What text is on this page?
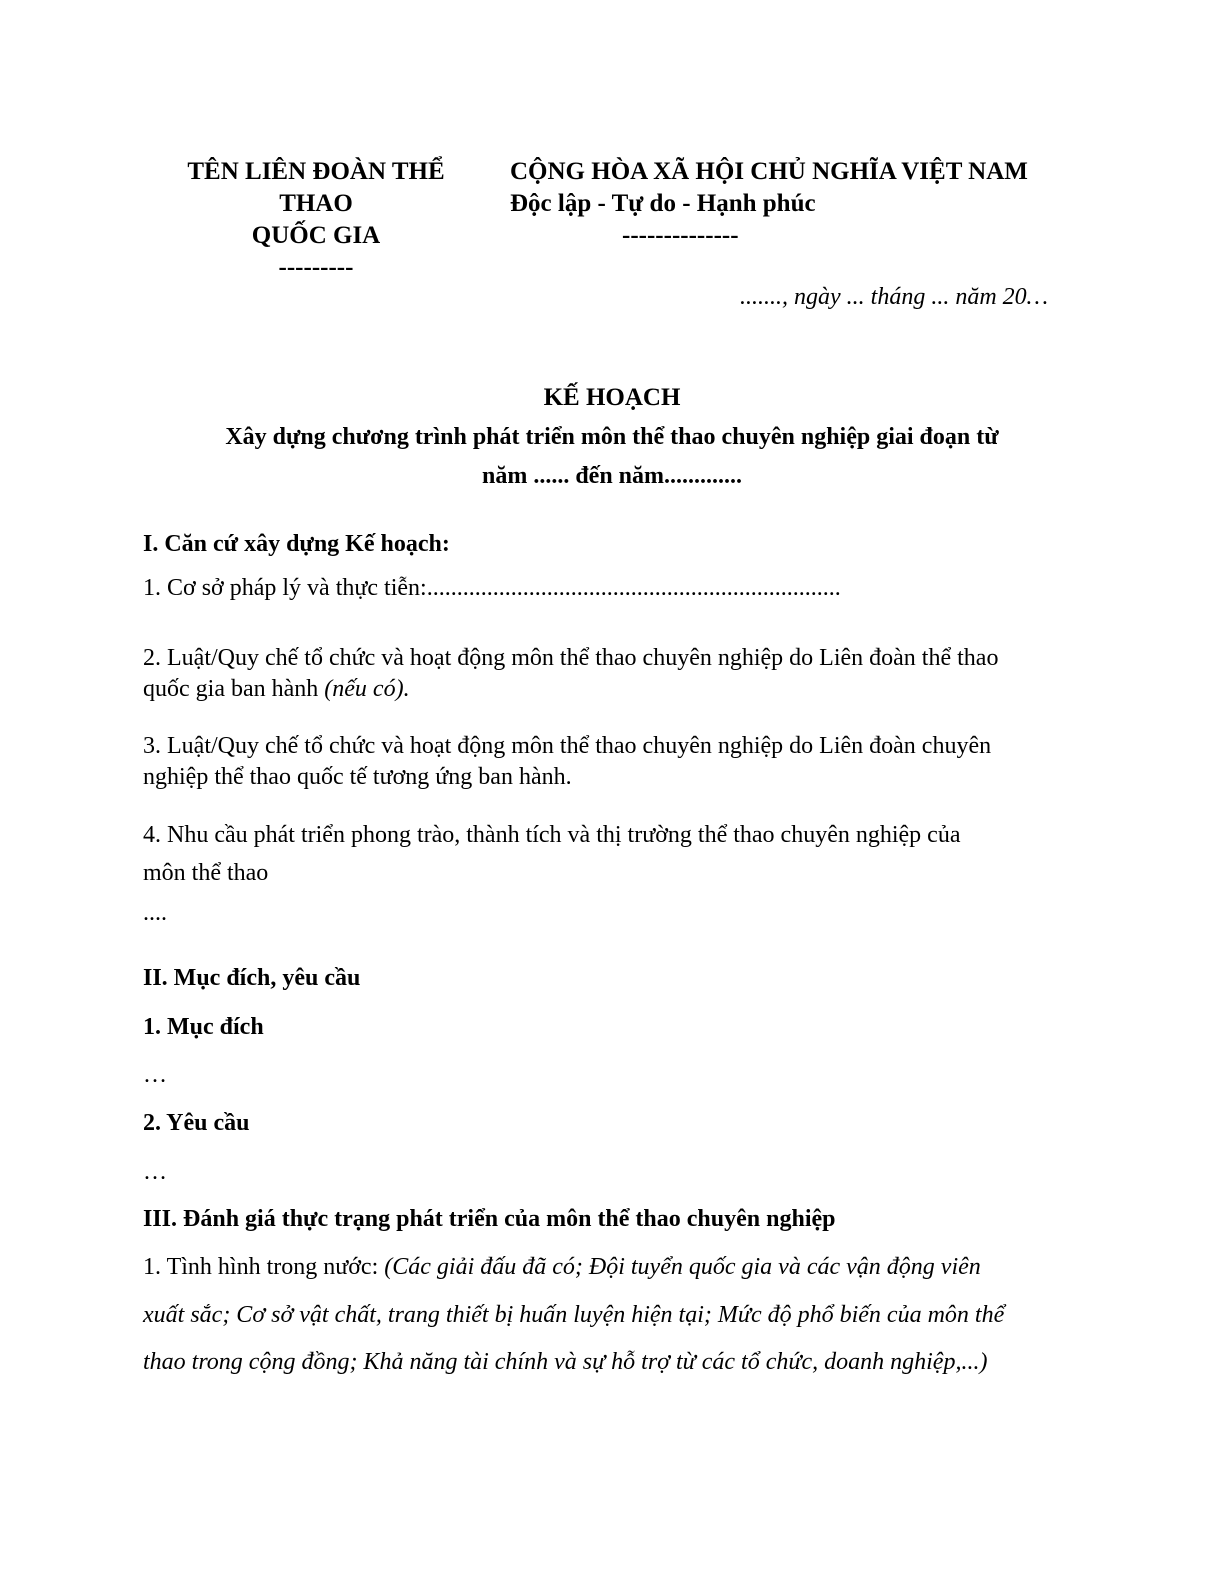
TÊN LIÊN ĐOÀN THỂ
THAO
QUỐC GIA
---------
CỘNG HÒA XÃ HỘI CHỦ NGHĨA VIỆT NAM
Độc lập - Tự do - Hạnh phúc
--------------
......., ngày ... tháng ... năm 20…
KẾ HOẠCH
Xây dựng chương trình phát triển môn thể thao chuyên nghiệp giai đoạn từ
năm ...... đến năm.............
I. Căn cứ xây dựng Kế hoạch:
1. Cơ sở pháp lý và thực tiễn:.....................................................................
2. Luật/Quy chế tổ chức và hoạt động môn thể thao chuyên nghiệp do Liên đoàn thể thao
quốc gia ban hành (nếu có).
3. Luật/Quy chế tổ chức và hoạt động môn thể thao chuyên nghiệp do Liên đoàn chuyên
nghiệp thể thao quốc tế tương ứng ban hành.
4. Nhu cầu phát triển phong trào, thành tích và thị trường thể thao chuyên nghiệp của
môn thể thao
....
II. Mục đích, yêu cầu
1. Mục đích
…
2. Yêu cầu
…
III. Đánh giá thực trạng phát triển của môn thể thao chuyên nghiệp
1. Tình hình trong nước: (Các giải đấu đã có; Đội tuyển quốc gia và các vận động viên
xuất sắc; Cơ sở vật chất, trang thiết bị huấn luyện hiện tại; Mức độ phổ biến của môn thể
thao trong cộng đồng; Khả năng tài chính và sự hỗ trợ từ các tổ chức, doanh nghiệp,...)
